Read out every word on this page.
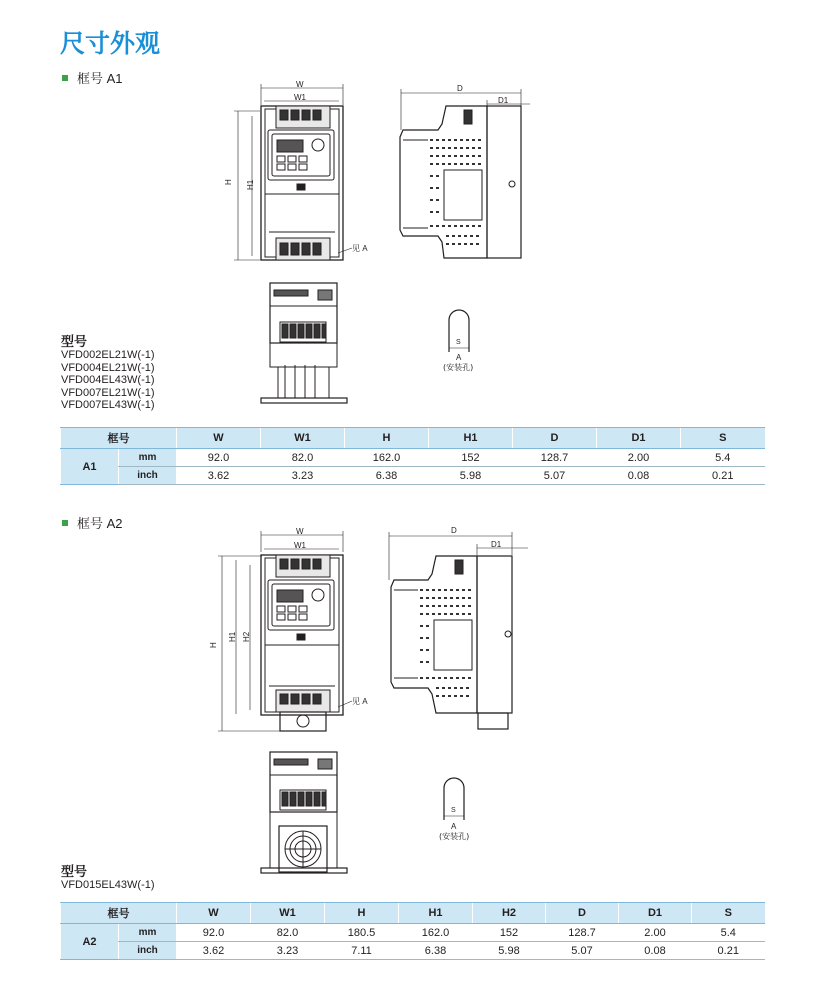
尺寸外观
框号 A1	W
W1
H H1
见 A
D
D1
S
A
(安装孔)
型号
VFD002EL21W(-1)
VFD004EL21W(-1)
VFD004EL43W(-1)
VFD007EL21W(-1)
VFD007EL43W(-1)
框号		W	W1	H	H1	D	D1	S
A1	mm	92.0	82.0	162.0	152	128.7	2.00	5.4
	inch	3.62	3.23	6.38	5.98	5.07	0.08	0.21
框号 A2
W
W1
H
H1 H2
见 A
D
D1
S
A
(安装孔)
型号
VFD015EL43W(-1)
框号		W	W1	H	H1	H2	D	D1	S
A2	mm	92.0	82.0	180.5	162.0	152	128.7	2.00	5.4
	inch	3.62	3.23	7.11	6.38	5.98	5.07	0.08	0.21
